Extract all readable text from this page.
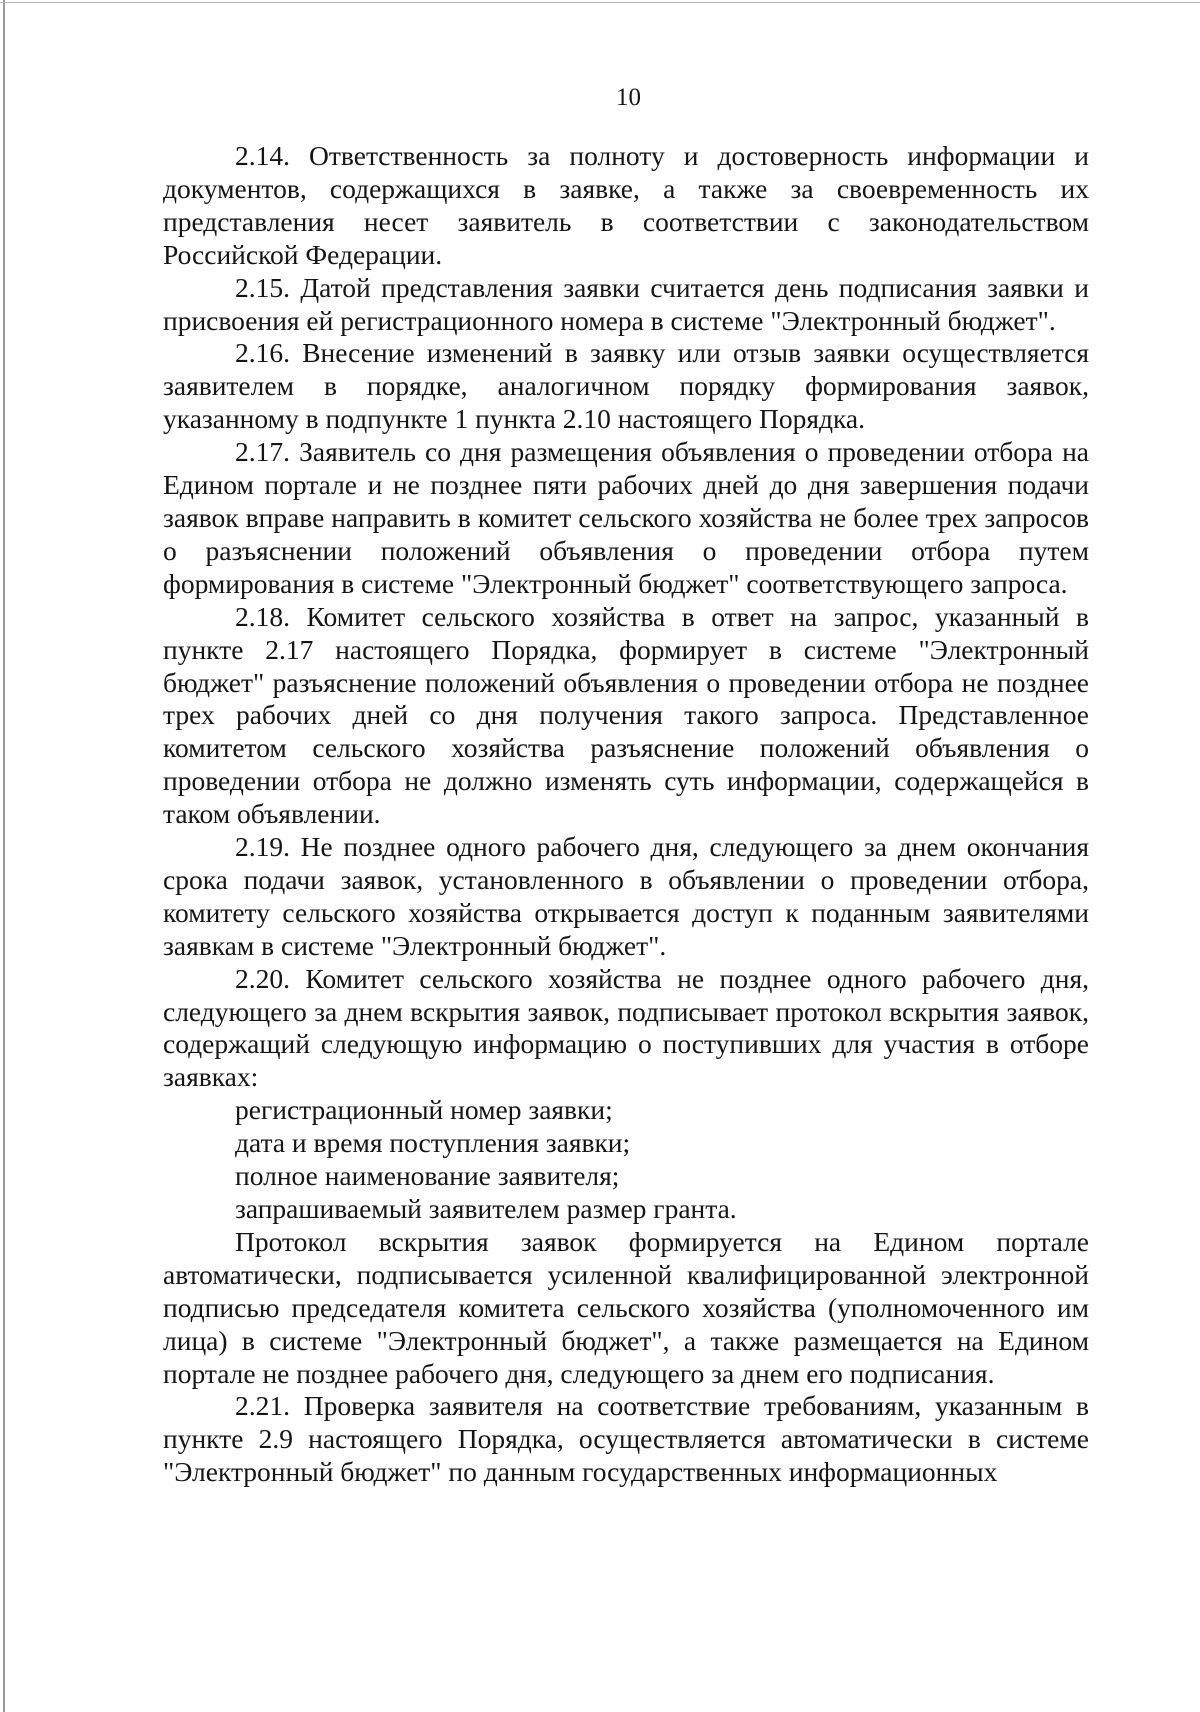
10

2.14. Ответственность за полноту и достоверность информации и документов, содержащихся в заявке, а также за своевременность их представления несет заявитель в соответствии с законодательством Российской Федерации.

2.15. Датой представления заявки считается день подписания заявки и присвоения ей регистрационного номера в системе "Электронный бюджет".

2.16. Внесение изменений в заявку или отзыв заявки осуществляется заявителем в порядке, аналогичном порядку формирования заявок, указанному в подпункте 1 пункта 2.10 настоящего Порядка.

2.17. Заявитель со дня размещения объявления о проведении отбора на Едином портале и не позднее пяти рабочих дней до дня завершения подачи заявок вправе направить в комитет сельского хозяйства не более трех запросов о разъяснении положений объявления о проведении отбора путем формирования в системе "Электронный бюджет" соответствующего запроса.

2.18. Комитет сельского хозяйства в ответ на запрос, указанный в пункте 2.17 настоящего Порядка, формирует в системе "Электронный бюджет" разъяснение положений объявления о проведении отбора не позднее трех рабочих дней со дня получения такого запроса. Представленное комитетом сельского хозяйства разъяснение положений объявления о проведении отбора не должно изменять суть информации, содержащейся в таком объявлении.

2.19. Не позднее одного рабочего дня, следующего за днем окончания срока подачи заявок, установленного в объявлении о проведении отбора, комитету сельского хозяйства открывается доступ к поданным заявителями заявкам в системе "Электронный бюджет".

2.20. Комитет сельского хозяйства не позднее одного рабочего дня, следующего за днем вскрытия заявок, подписывает протокол вскрытия заявок, содержащий следующую информацию о поступивших для участия в отборе заявках:

регистрационный номер заявки;

дата и время поступления заявки;

полное наименование заявителя;

запрашиваемый заявителем размер гранта.

Протокол вскрытия заявок формируется на Едином портале автоматически, подписывается усиленной квалифицированной электронной подписью председателя комитета сельского хозяйства (уполномоченного им лица) в системе "Электронный бюджет", а также размещается на Едином портале не позднее рабочего дня, следующего за днем его подписания.

2.21. Проверка заявителя на соответствие требованиям, указанным в пункте 2.9 настоящего Порядка, осуществляется автоматически в системе "Электронный бюджет" по данным государственных информационных
